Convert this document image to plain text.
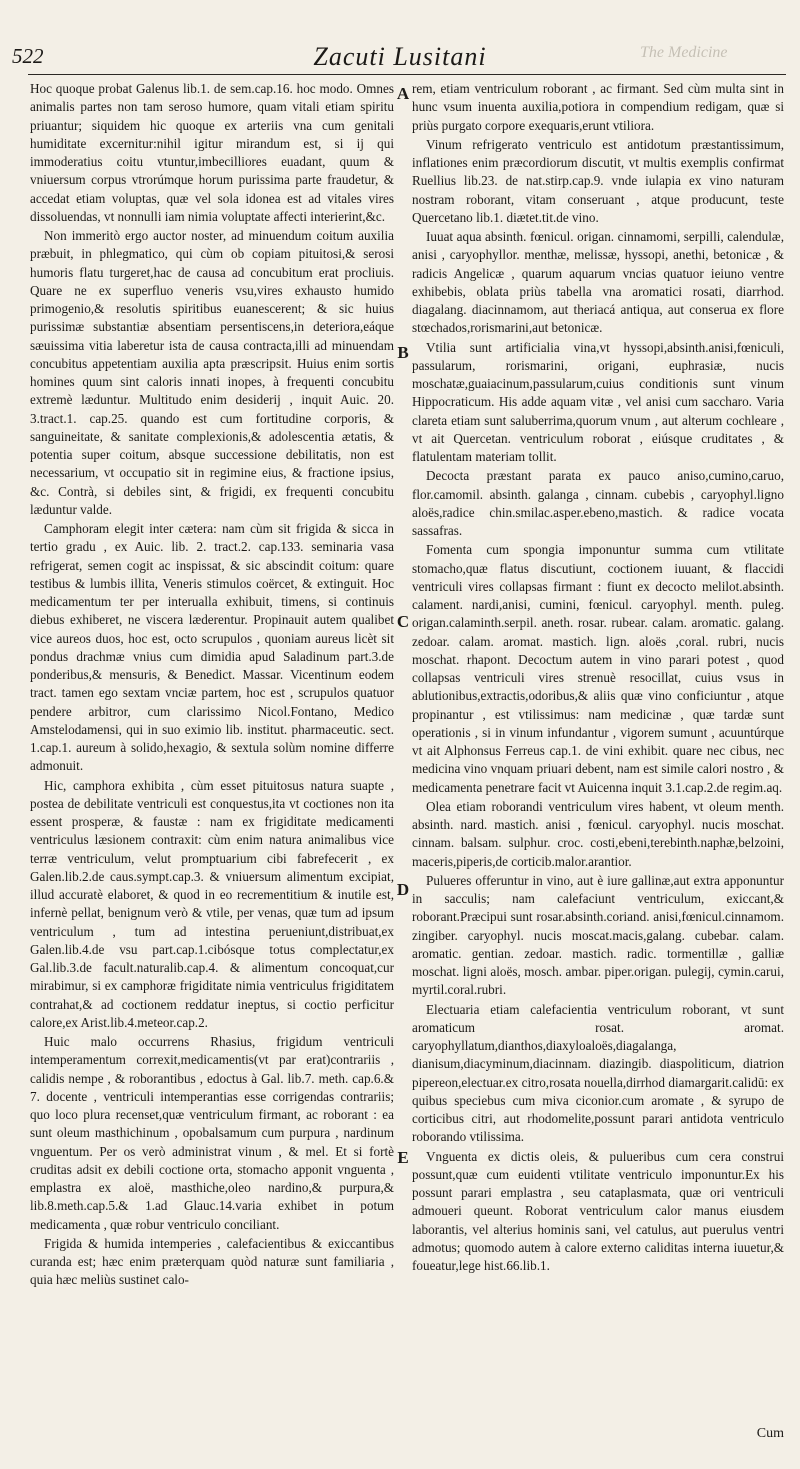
522	Zacuti Lusitani	The Medicine

Hoc quoque probat Galenus lib.1. de sem.cap.16. hoc modo. Omnes animalis partes non tam seroso humore, quam vitali etiam spiritu priuantur; siquidem hic quoque ex arteriis vna cum genitali humiditate excernitur:nihil igitur mirandum est, si ij qui immoderatius coitu vtuntur,imbecilliores euadant, quum & vniuersum corpus vtrorúmque horum purissima parte fraudetur, & accedat etiam voluptas, quæ vel sola idonea est ad vitales vires dissoluendas, vt nonnulli iam nimia voluptate affecti interierint,&c.

Non immeritò ergo auctor noster, ad minuendum coitum auxilia præbuit, in phlegmatico, qui cùm ob copiam pituitosi,& serosi humoris flatu turgeret,hac de causa ad concubitum erat procliuis. Quare ne ex superfluo veneris vsu,vires exhausto humido primogenio,& resolutis spiritibus euanescerent; & sic huius purissimæ substantiæ absentiam persentiscens,in deteriora,eáque sæuissima vitia laberetur ista de causa contracta,illi ad minuendam concubitus appetentiam auxilia apta præscripsit. Huius enim sortis homines quum sint caloris innati inopes, à frequenti concubitu extremè læduntur. Multitudo enim desiderij , inquit Auic. 20. 3.tract.1. cap.25. quando est cum fortitudine corporis, & sanguineitate, & sanitate complexionis,& adolescentia ætatis, & potentia super coitum, absque successione debilitatis, non est necessarium, vt occupatio sit in regimine eius, & fractione ipsius, &c. Contrà, si debiles sint, & frigidi, ex frequenti concubitu læduntur valde.

Camphoram elegit inter cætera: nam cùm sit frigida & sicca in tertio gradu , ex Auic. lib. 2. tract.2. cap.133. seminaria vasa refrigerat, semen cogit ac inspissat, & sic abscindit coitum: quare testibus & lumbis illita, Veneris stimulos coërcet, & extinguit. Hoc medicamentum ter per interualla exhibuit, timens, si continuis diebus exhiberet, ne viscera læderentur. Propinauit autem qualibet vice aureos duos, hoc est, octo scrupulos , quoniam aureus licèt sit pondus drachmæ vnius cum dimidia apud Saladinum part.3.de ponderibus,& mensuris, & Benedict. Massar. Vicentinum eodem tract. tamen ego sextam vnciæ partem, hoc est , scrupulos quatuor pendere arbitror, cum clarissimo Nicol.Fontano, Medico Amstelodamensi, qui in suo eximio lib. institut. pharmaceutic. sect. 1.cap.1. aureum à solido,hexagio, & sextula solùm nomine differre admonuit.

Hic, camphora exhibita , cùm esset pituitosus natura suapte , postea de debilitate ventriculi est conquestus,ita vt coctiones non ita essent prosperæ, & faustæ : nam ex frigiditate medicamenti ventriculus læsionem contraxit: cùm enim natura animalibus vice terræ ventriculum, velut promptuarium cibi fabrefecerit , ex Galen.lib.2.de caus.sympt.cap.3. & vniuersum alimentum excipiat, illud accuratè elaboret, & quod in eo recrementitium & inutile est, infernè pellat, benignum verò & vtile, per venas, quæ tum ad ipsum ventriculum , tum ad intestina perueniunt,distribuat,ex Galen.lib.4.de vsu part.cap.1.cibósque totus complectatur,ex Gal.lib.3.de facult.naturalib.cap.4. & alimentum concoquat,cur mirabimur, si ex camphoræ frigiditate nimia ventriculus frigiditatem contrahat,& ad coctionem reddatur ineptus, si coctio perficitur calore,ex Arist.lib.4.meteor.cap.2.

Huic malo occurrens Rhasius, frigidum ventriculi intemperamentum correxit,medicamentis(vt par erat)contrariis , calidis nempe , & roborantibus , edoctus à Gal. lib.7. meth. cap.6.& 7. docente , ventriculi intemperantias esse corrigendas contrariis; quo loco plura recenset,quæ ventriculum firmant, ac roborant : ea sunt oleum masthichinum , opobalsamum cum purpura , nardinum vnguentum. Per os verò administrat vinum , & mel. Et si fortè cruditas adsit ex debili coctione orta, stomacho apponit vnguenta , emplastra ex aloë, masthiche,oleo nardino,& purpura,& lib.8.meth.cap.5.& 1.ad Glauc.14.varia exhibet in potum medicamenta , quæ robur ventriculo conciliant.

Frigida & humida intemperies , calefacientibus & exiccantibus curanda est; hæc enim præterquam quòd naturæ sunt familiaria , quia hæc meliùs sustinet calo-

A
B
C
D
E

rem, etiam ventriculum roborant , ac firmant. Sed cùm multa sint in hunc vsum inuenta auxilia,potiora in compendium redigam, quæ si priùs purgato corpore exequaris,erunt vtiliora.

Vinum refrigerato ventriculo est antidotum præstantissimum, inflationes enim præcordiorum discutit, vt multis exemplis confirmat Ruellius lib.23. de nat.stirp.cap.9. vnde iulapia ex vino naturam nostram roborant, vitam conseruant , atque producunt, teste Quercetano lib.1. diætet.tit.de vino.

Iuuat aqua absinth. fœnicul. origan. cinnamomi, serpilli, calendulæ, anisi , caryophyllor. menthæ, melissæ, hyssopi, anethi, betonicæ , & radicis Angelicæ , quarum aquarum vncias quatuor ieiuno ventre exhibebis, oblata priùs tabella vna aromatici rosati, diarrhod. diagalang. diacinnamom, aut theriacá antiqua, aut conserua ex flore stœchados,rorismarini,aut betonicæ.

Vtilia sunt artificialia vina,vt hyssopi,absinth.anisi,fœniculi, passularum, rorismarini, origani, euphrasiæ, nucis moschatæ,guaiacinum,passularum,cuius conditionis sunt vinum Hippocraticum. His adde aquam vitæ , vel anisi cum saccharo. Varia clareta etiam sunt saluberrima,quorum vnum , aut alterum cochleare , vt ait Quercetan. ventriculum roborat , eiúsque cruditates , & flatulentam materiam tollit.

Decocta præstant parata ex pauco aniso,cumino,caruo, flor.camomil. absinth. galanga , cinnam. cubebis , caryophyl.ligno aloës,radice chin.smilac.asper.ebeno,mastich. & radice vocata sassafras.

Fomenta cum spongia imponuntur summa cum vtilitate stomacho,quæ flatus discutiunt, coctionem iuuant, & flaccidi ventriculi vires collapsas firmant : fiunt ex decocto melilot.absinth. calament. nardi,anisi, cumini, fœnicul. caryophyl. menth. puleg. origan.calaminth.serpil. aneth. rosar. rubear. calam. aromatic. galang. zedoar. calam. aromat. mastich. lign. aloës ,coral. rubri, nucis moschat. rhapont. Decoctum autem in vino parari potest , quod collapsas ventriculi vires strenuè resocillat, cuius vsus in ablutionibus,extractis,odoribus,& aliis quæ vino conficiuntur , atque propinantur , est vtilissimus: nam medicinæ , quæ tardæ sunt operationis , si in vinum infundantur , vigorem sumunt , acuuntúrque vt ait Alphonsus Ferreus cap.1. de vini exhibit. quare nec cibus, nec medicina vino vnquam priuari debent, nam est simile calori nostro , & medicamenta penetrare facit vt Auicenna inquit 3.1.cap.2.de regim.aq.

Olea etiam roborandi ventriculum vires habent, vt oleum menth. absinth. nard. mastich. anisi , fœnicul. caryophyl. nucis moschat. cinnam. balsam. sulphur. croc. costi,ebeni,terebinth.naphæ,belzoini, maceris,piperis,de corticib.malor.arantior.

Pulueres offeruntur in vino, aut è iure gallinæ,aut extra apponuntur in sacculis; nam calefaciunt ventriculum, exiccant,& roborant.Præcipui sunt rosar.absinth.coriand. anisi,fœnicul.cinnamom. zingiber. caryophyl. nucis moscat.macis,galang. cubebar. calam. aromatic. gentian. zedoar. mastich. radic. tormentillæ , galliæ moschat. ligni aloës, mosch. ambar. piper.origan. pulegij, cymin.carui, myrtil.coral.rubri.

Electuaria etiam calefacientia ventriculum roborant, vt sunt aromaticum rosat. aromat. caryophyllatum,dianthos,diaxyloaloës,diagalanga, dianisum,diacyminum,diacinnam. diazingib. diaspoliticum, diatrion pipereon,electuar.ex citro,rosata nouella,dirrhod diamargarit.calidū: ex quibus speciebus cum miva ciconior.cum aromate , & syrupo de corticibus citri, aut rhodomelite,possunt parari antidota ventriculo roborando vtilissima.

Vnguenta ex dictis oleis, & pulueribus cum cera construi possunt,quæ cum euidenti vtilitate ventriculo imponuntur.Ex his possunt parari emplastra , seu cataplasmata, quæ ori ventriculi admoueri queunt. Roborat ventriculum calor manus eiusdem laborantis, vel alterius hominis sani, vel catulus, aut puerulus ventri admotus; quomodo autem à calore externo caliditas interna iuuetur,& foueatur,lege hist.66.lib.1.

Cum
